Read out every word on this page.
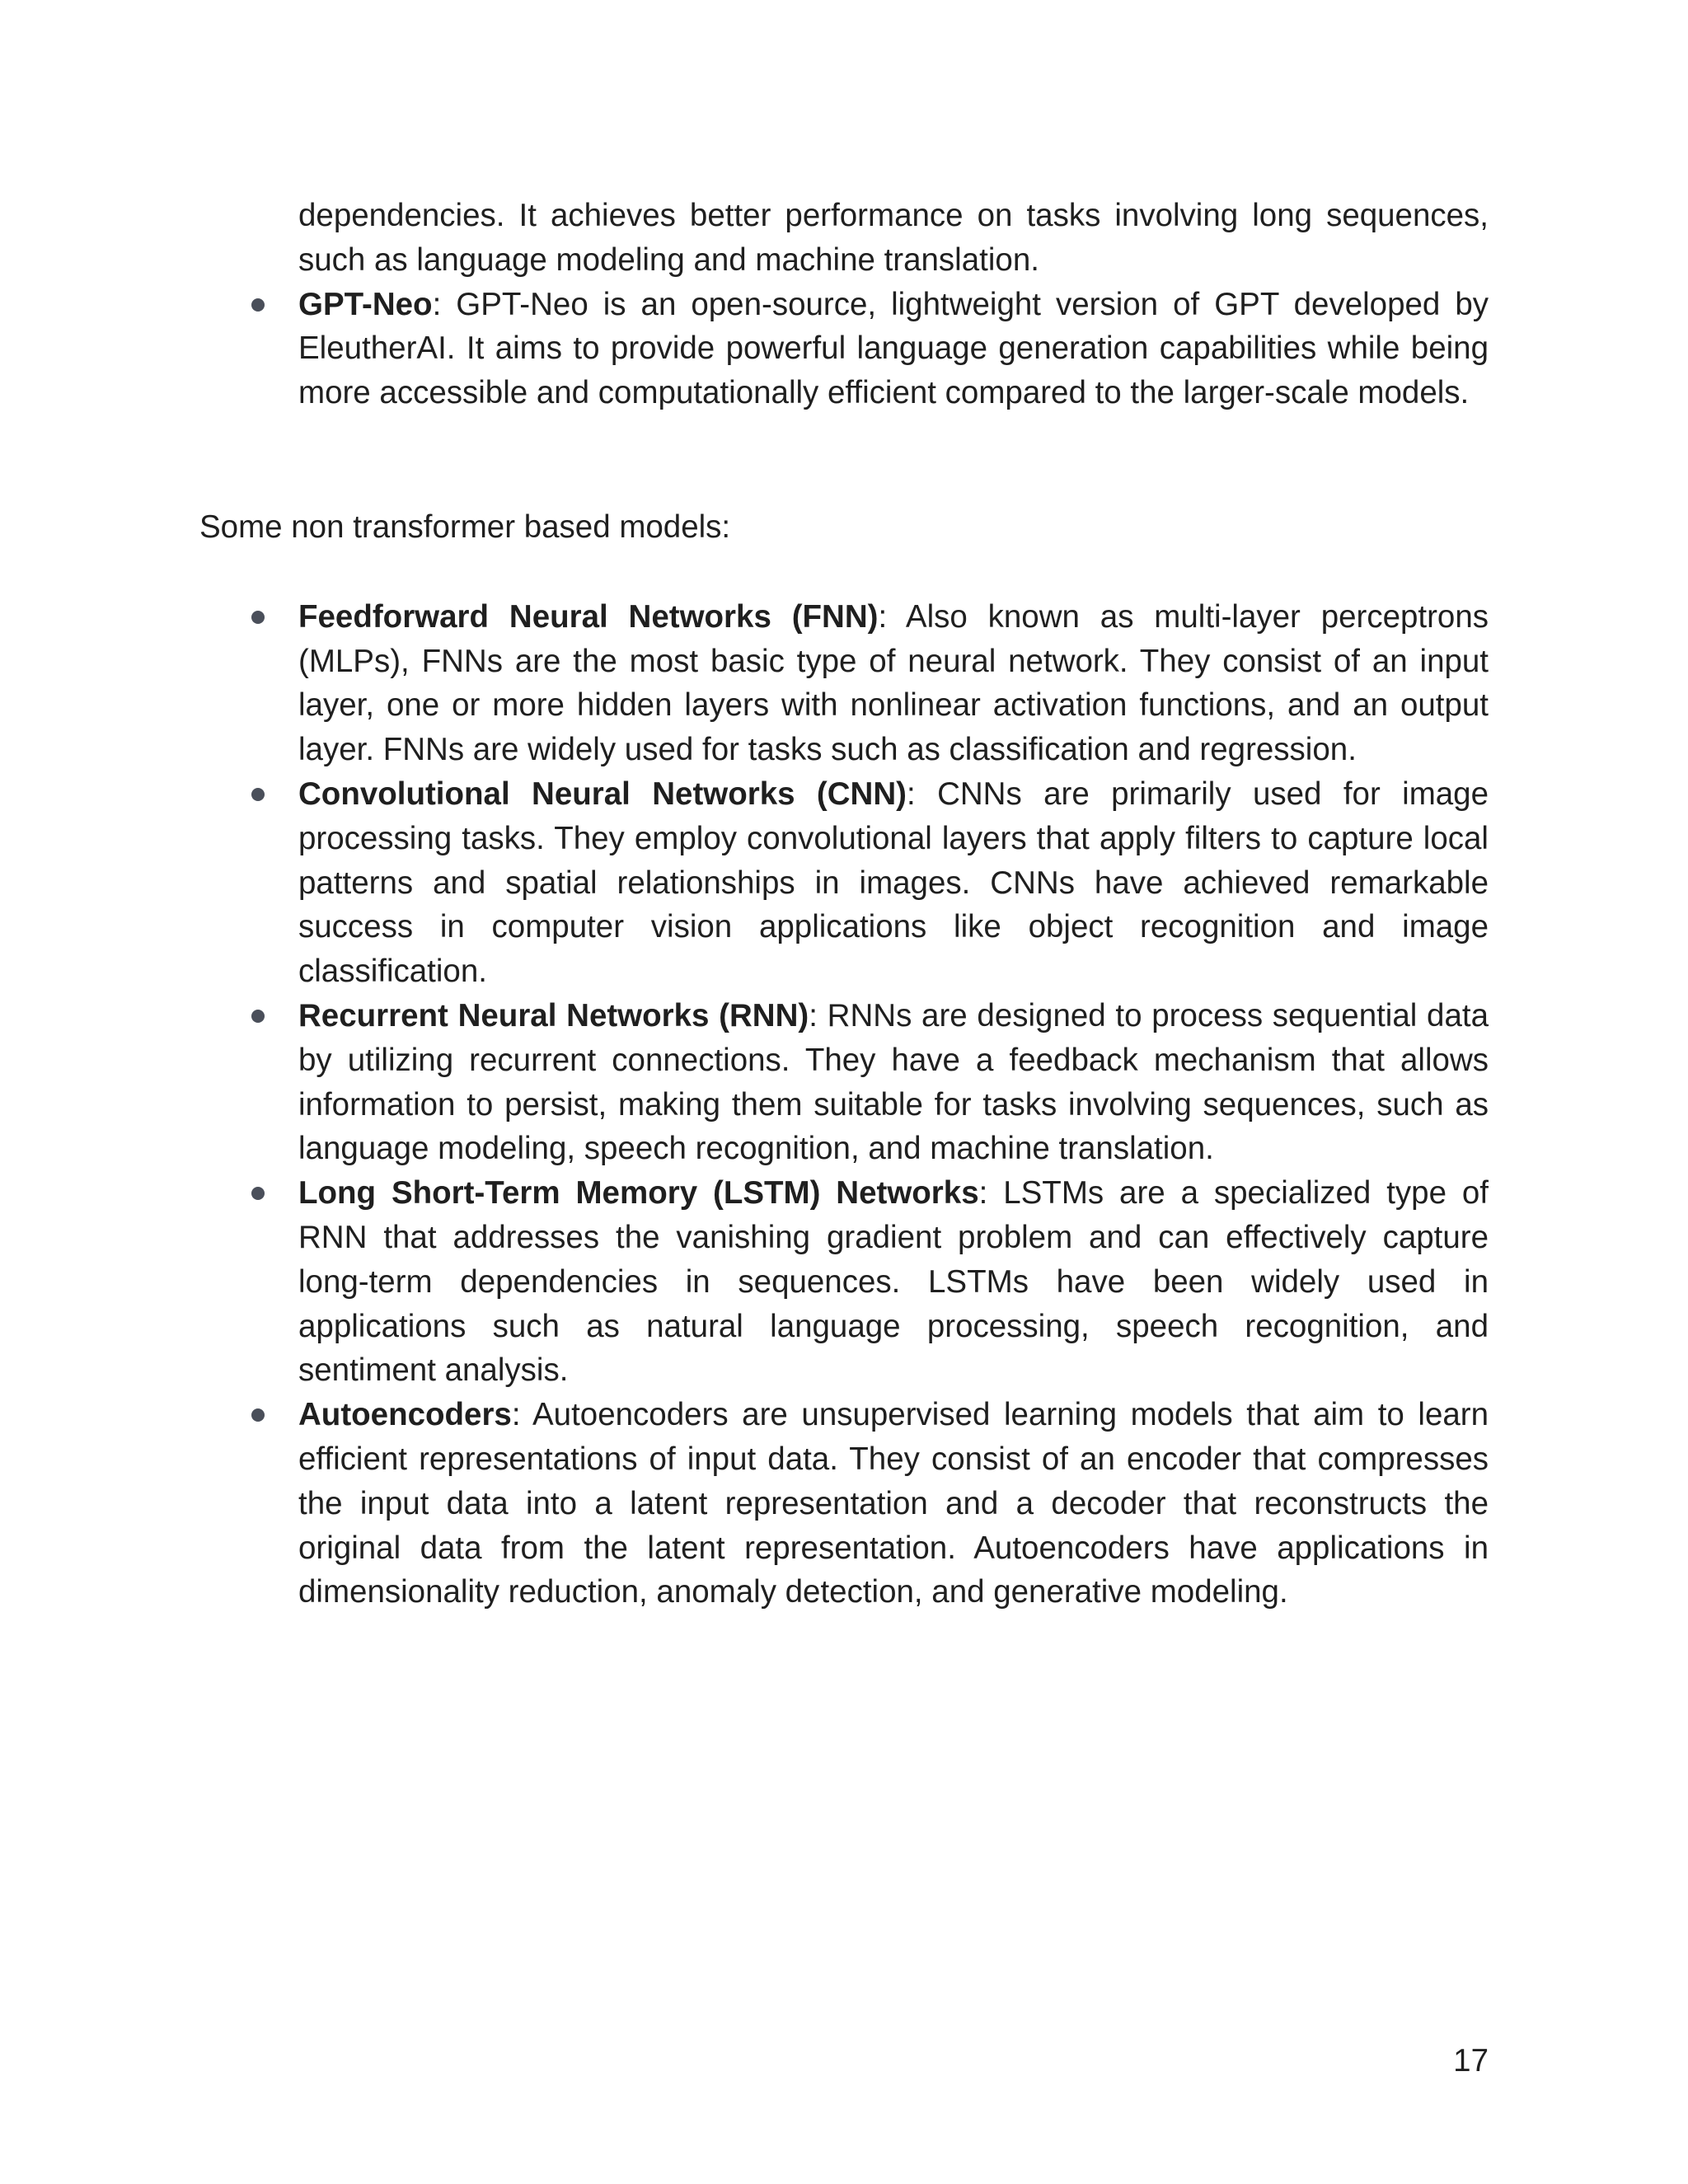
dependencies. It achieves better performance on tasks involving long sequences, such as language modeling and machine translation.
GPT-Neo: GPT-Neo is an open-source, lightweight version of GPT developed by EleutherAI. It aims to provide powerful language generation capabilities while being more accessible and computationally efficient compared to the larger-scale models.
Some non transformer based models:
Feedforward Neural Networks (FNN): Also known as multi-layer perceptrons (MLPs), FNNs are the most basic type of neural network. They consist of an input layer, one or more hidden layers with nonlinear activation functions, and an output layer. FNNs are widely used for tasks such as classification and regression.
Convolutional Neural Networks (CNN): CNNs are primarily used for image processing tasks. They employ convolutional layers that apply filters to capture local patterns and spatial relationships in images. CNNs have achieved remarkable success in computer vision applications like object recognition and image classification.
Recurrent Neural Networks (RNN): RNNs are designed to process sequential data by utilizing recurrent connections. They have a feedback mechanism that allows information to persist, making them suitable for tasks involving sequences, such as language modeling, speech recognition, and machine translation.
Long Short-Term Memory (LSTM) Networks: LSTMs are a specialized type of RNN that addresses the vanishing gradient problem and can effectively capture long-term dependencies in sequences. LSTMs have been widely used in applications such as natural language processing, speech recognition, and sentiment analysis.
Autoencoders: Autoencoders are unsupervised learning models that aim to learn efficient representations of input data. They consist of an encoder that compresses the input data into a latent representation and a decoder that reconstructs the original data from the latent representation. Autoencoders have applications in dimensionality reduction, anomaly detection, and generative modeling.
17
